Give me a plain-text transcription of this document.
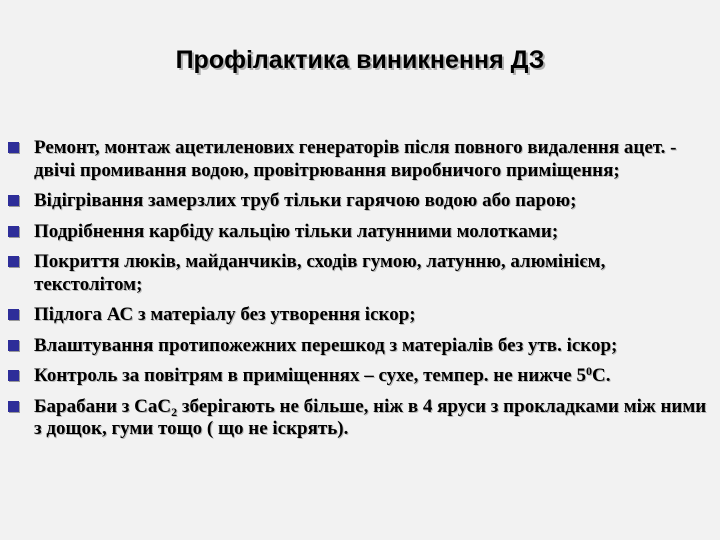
Профілактика виникнення ДЗ
Ремонт, монтаж ацетиленових генераторів після повного видалення ацет. - двічі промивання водою, провітрювання виробничого приміщення;
Відігрівання замерзлих труб тільки гарячою водою або парою;
Подрібнення карбіду кальцію тільки латунними молотками;
Покриття люків, майданчиків, сходів гумою, латунню, алюмінієм, текстолітом;
Підлога АС з матеріалу без утворення іскор;
Влаштування протипожежних перешкод з матеріалів без утв. іскор;
Контроль за повітрям в приміщеннях – сухе, темпер. не нижче $5^0С$.
Барабани з СаС$_2$ зберігають не більше, ніж в 4 яруси з прокладками між ними з дощок, гуми тощо ( що не іскрять).
